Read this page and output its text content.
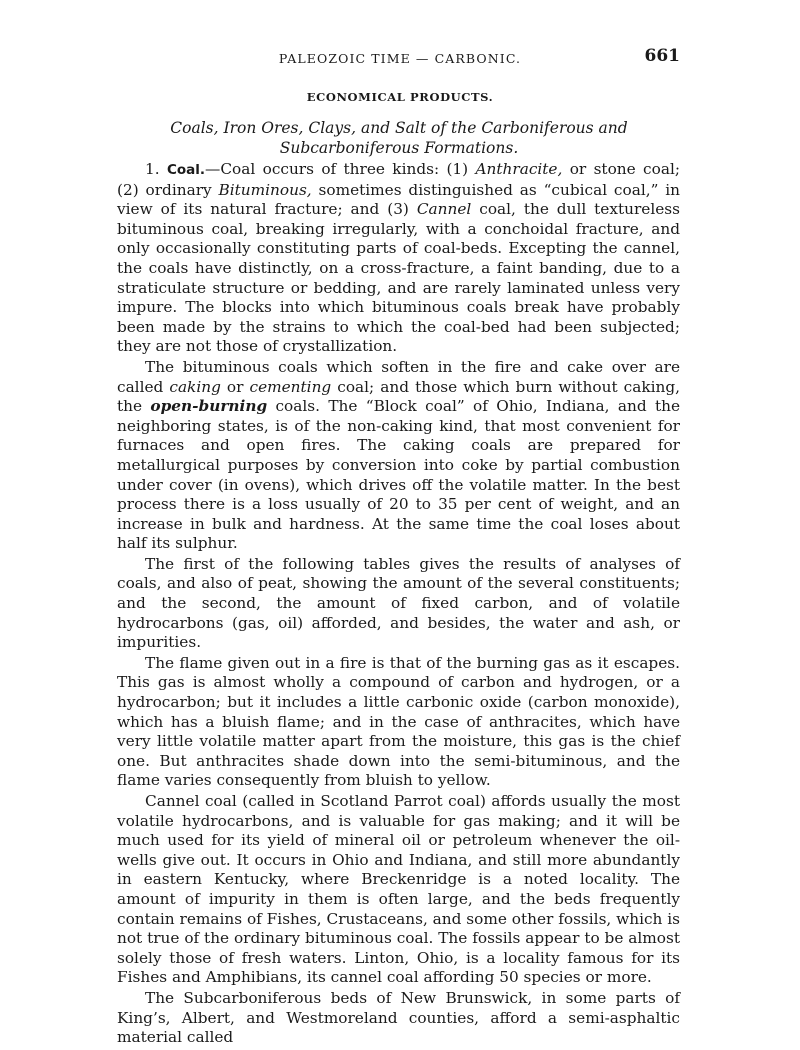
PALEOZOIC TIME — CARBONIC.	661
ECONOMICAL PRODUCTS.
Coals, Iron Ores, Clays, and Salt of the Carboniferous and Subcarboniferous Formations.

1. Coal.—Coal occurs of three kinds: (1) Anthracite, or stone coal; (2) ordinary Bituminous, sometimes distinguished as “cubical coal,” in view of its natural fracture; and (3) Cannel coal, the dull textureless bituminous coal, breaking irregularly, with a conchoidal fracture, and only occasionally constituting parts of coal-beds. Excepting the cannel, the coals have distinctly, on a cross-fracture, a faint banding, due to a straticulate structure or bedding, and are rarely laminated unless very impure. The blocks into which bituminous coals break have probably been made by the strains to which the coal-bed had been subjected; they are not those of crystallization.

The bituminous coals which soften in the fire and cake over are called caking or cementing coal; and those which burn without caking, the open-burning coals. The “Block coal” of Ohio, Indiana, and the neighboring states, is of the non-caking kind, that most convenient for furnaces and open fires. The caking coals are prepared for metallurgical purposes by conversion into coke by partial combustion under cover (in ovens), which drives off the volatile matter. In the best process there is a loss usually of 20 to 35 per cent of weight, and an increase in bulk and hardness. At the same time the coal loses about half its sulphur.

The first of the following tables gives the results of analyses of coals, and also of peat, showing the amount of the several constituents; and the second, the amount of fixed carbon, and of volatile hydrocarbons (gas, oil) afforded, and besides, the water and ash, or impurities.

The flame given out in a fire is that of the burning gas as it escapes. This gas is almost wholly a compound of carbon and hydrogen, or a hydrocarbon; but it includes a little carbonic oxide (carbon monoxide), which has a bluish flame; and in the case of anthracites, which have very little volatile matter apart from the moisture, this gas is the chief one. But anthracites shade down into the semi-bituminous, and the flame varies consequently from bluish to yellow.

Cannel coal (called in Scotland Parrot coal) affords usually the most volatile hydrocarbons, and is valuable for gas making; and it will be much used for its yield of mineral oil or petroleum whenever the oil-wells give out. It occurs in Ohio and Indiana, and still more abundantly in eastern Kentucky, where Breckenridge is a noted locality. The amount of impurity in them is often large, and the beds frequently contain remains of Fishes, Crustaceans, and some other fossils, which is not true of the ordinary bituminous coal. The fossils appear to be almost solely those of fresh waters. Linton, Ohio, is a locality famous for its Fishes and Amphibians, its cannel coal affording 50 species or more.

The Subcarboniferous beds of New Brunswick, in some parts of King’s, Albert, and Westmoreland counties, afford a semi-asphaltic material called
